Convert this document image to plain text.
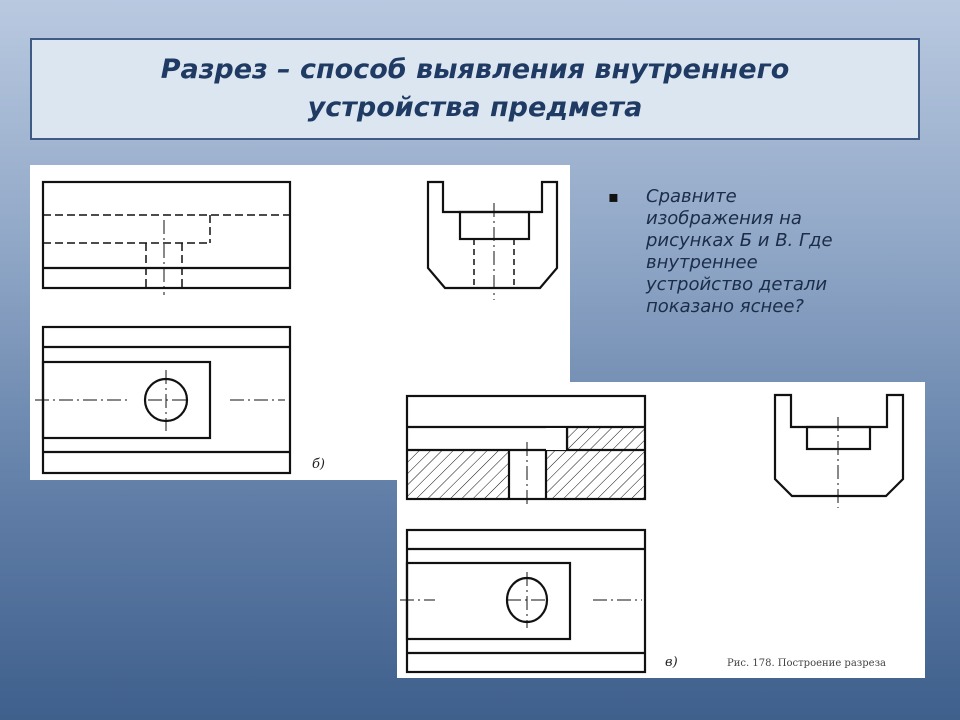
Разрез – способ выявления внутреннего
устройства предмета
б)
▪ Сравните изображения на рисунках Б и В. Где внутреннее устройство детали показано яснее?
в)	Рис. 178. Построение разреза
